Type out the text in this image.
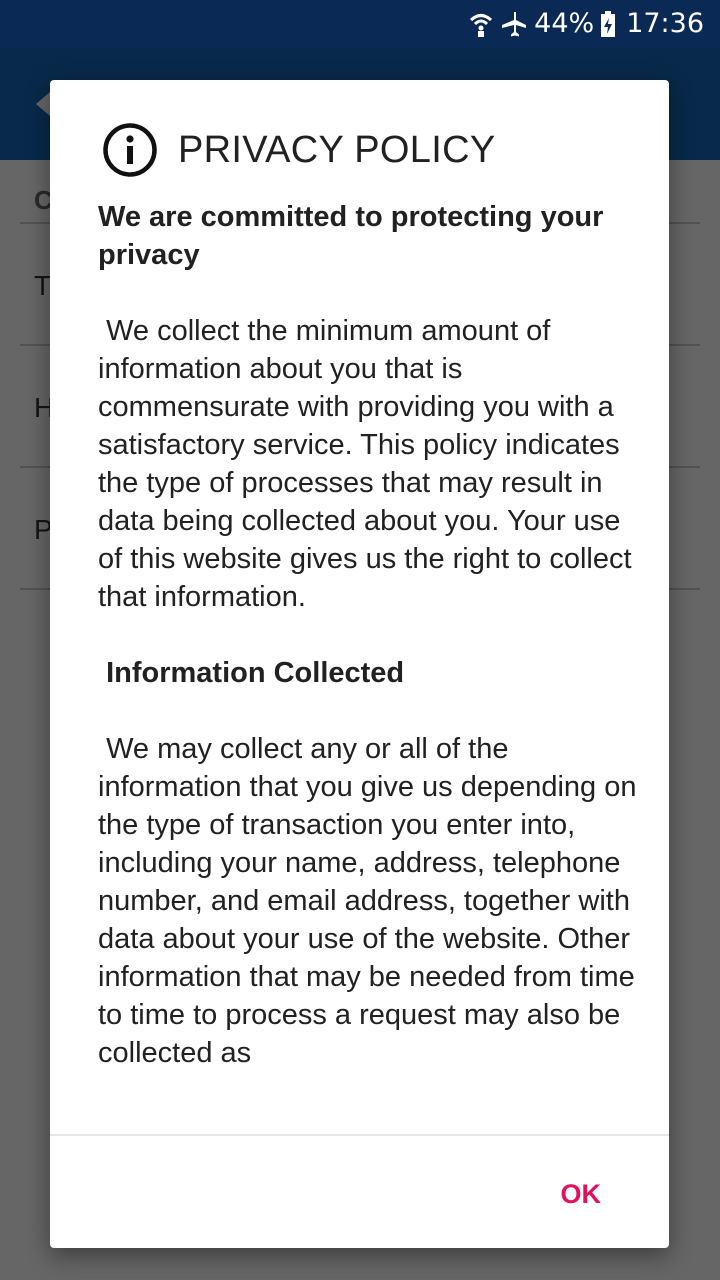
44% 17:36
PRIVACY POLICY

We are committed to protecting your privacy

We collect the minimum amount of information about you that is commensurate with providing you with a satisfactory service. This policy indicates the type of processes that may result in data being collected about you. Your use of this website gives us the right to collect that information.

Information Collected

We may collect any or all of the information that you give us depending on the type of transaction you enter into, including your name, address, telephone number, and email address, together with data about your use of the website. Other information that may be needed from time to time to process a request may also be collected as

OK
